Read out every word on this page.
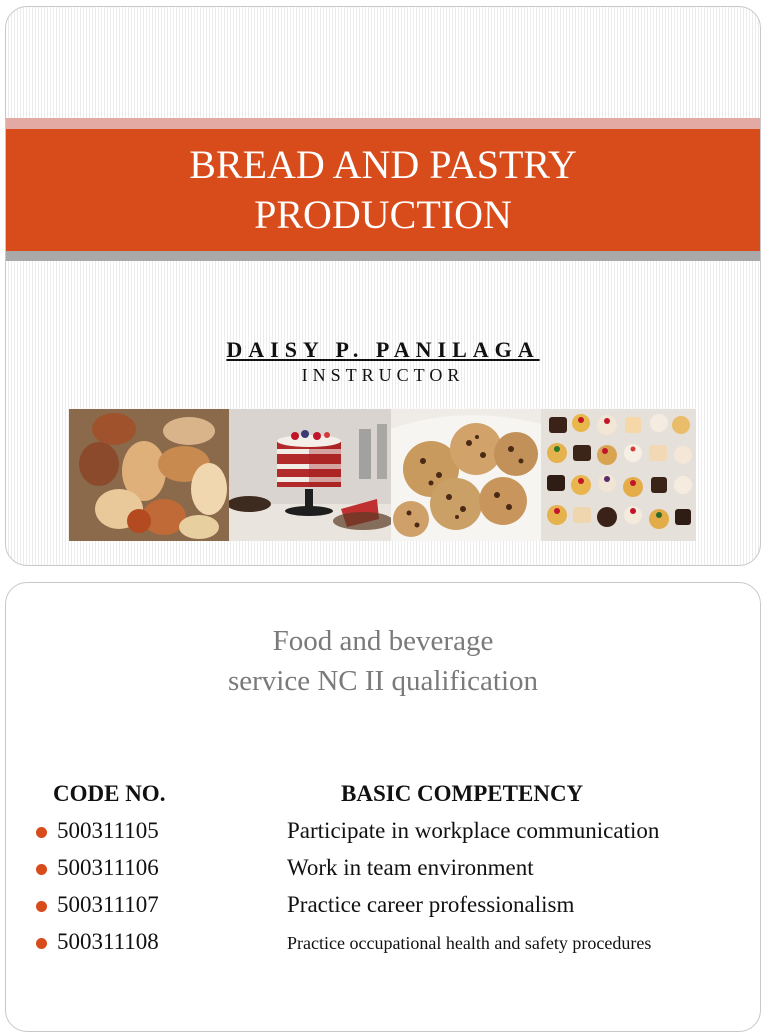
BREAD AND PASTRY
PRODUCTION
DAISY P. PANILAGA
INSTRUCTOR
Food and beverage
service NC II qualification
CODE NO.	BASIC COMPETENCY
500311105	Participate in workplace communication
500311106	Work in team environment
500311107	Practice career professionalism
500311108	Practice occupational health and safety procedures
